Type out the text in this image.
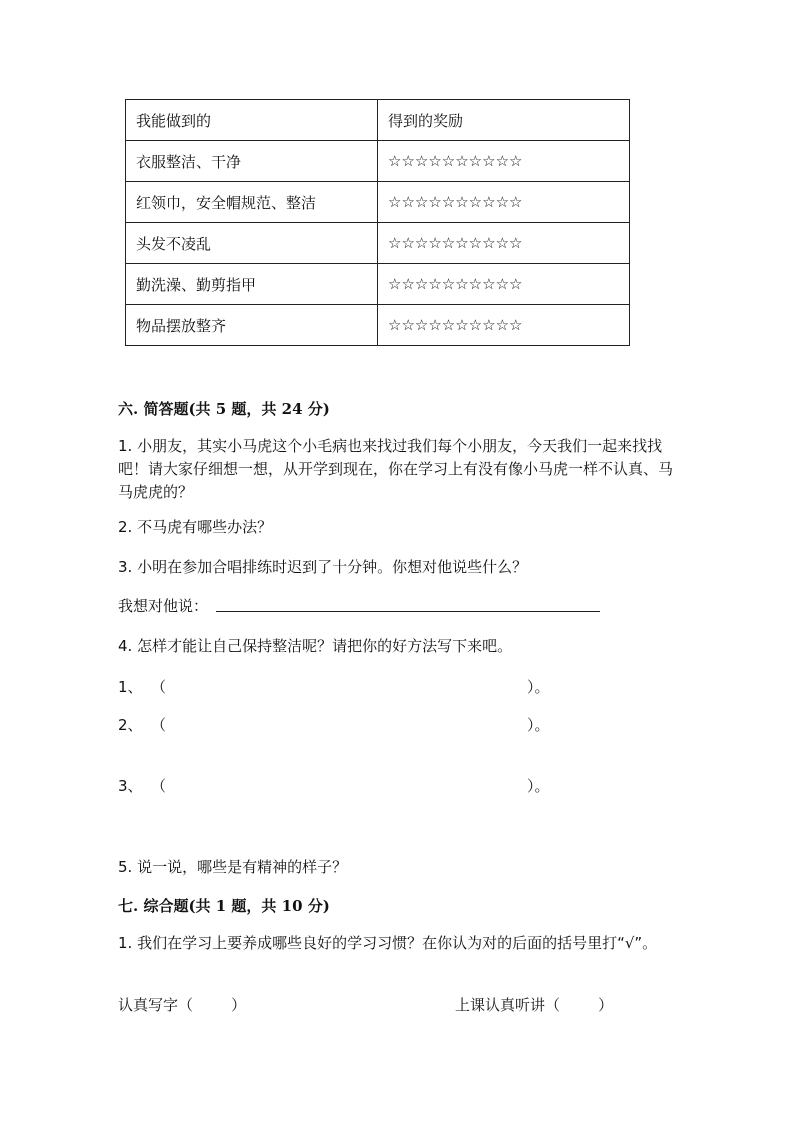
我能做到的	得到的奖励
衣服整洁、干净	☆☆☆☆☆☆☆☆☆☆
红领巾，安全帽规范、整洁	☆☆☆☆☆☆☆☆☆☆
头发不凌乱	☆☆☆☆☆☆☆☆☆☆
勤洗澡、勤剪指甲	☆☆☆☆☆☆☆☆☆☆
物品摆放整齐	☆☆☆☆☆☆☆☆☆☆
六. 简答题(共 5 题，共 24 分)
1. 小朋友，其实小马虎这个小毛病也来找过我们每个小朋友，今天我们一起来找找吧！请大家仔细想一想，从开学到现在，你在学习上有没有像小马虎一样不认真、马马虎虎的？
2. 不马虎有哪些办法？
3. 小明在参加合唱排练时迟到了十分钟。你想对他说些什么？
我想对他说：
4. 怎样才能让自己保持整洁呢？请把你的好方法写下来吧。
1、 （	）。
2、 （	）。
3、 （	）。
5. 说一说，哪些是有精神的样子？
七. 综合题(共 1 题，共 10 分)
1. 我们在学习上要养成哪些良好的学习习惯？在你认为对的后面的括号里打“√”。
认真写字（        ）	上课认真听讲（        ）
